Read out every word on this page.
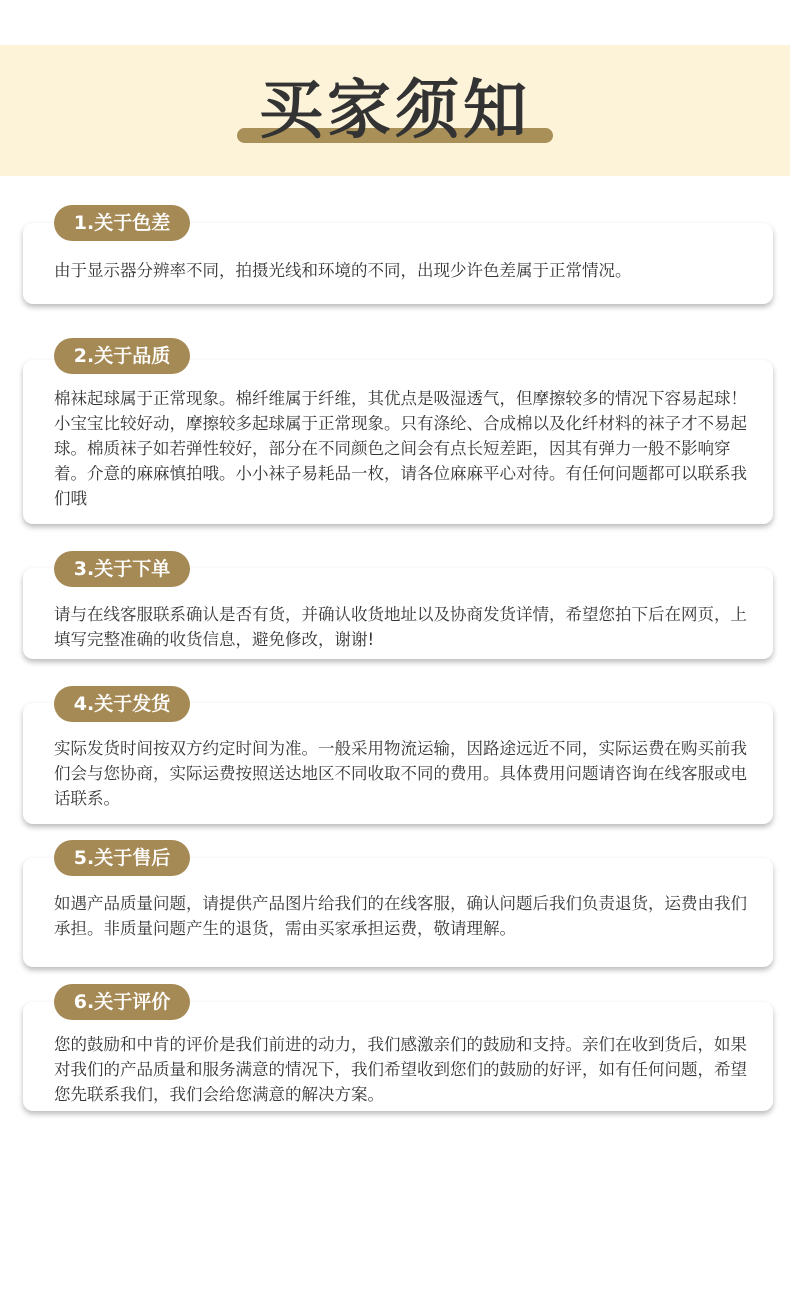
买家须知

由于显示器分辨率不同，拍摄光线和环境的不同，出现少许色差属于正常情况。

1.关于色差

棉袜起球属于正常现象。棉纤维属于纤维，其优点是吸湿透气，但摩擦较多的情况下容易起球！小宝宝比较好动，摩擦较多起球属于正常现象。只有涤纶、合成棉以及化纤材料的袜子才不易起球。棉质袜子如若弹性较好，部分在不同颜色之间会有点长短差距，因其有弹力一般不影响穿着。介意的麻麻慎拍哦。小小袜子易耗品一枚，请各位麻麻平心对待。有任何问题都可以联系我们哦

2.关于品质

请与在线客服联系确认是否有货，并确认收货地址以及协商发货详情，希望您拍下后在网页，上填写完整准确的收货信息，避免修改，谢谢!

3.关于下单

实际发货时间按双方约定时间为准。一般采用物流运输，因路途远近不同，实际运费在购买前我们会与您协商，实际运费按照送达地区不同收取不同的费用。具体费用问题请咨询在线客服或电话联系。

4.关于发货

如遇产品质量问题，请提供产品图片给我们的在线客服，确认问题后我们负责退货，运费由我们承担。非质量问题产生的退货，需由买家承担运费，敬请理解。

5.关于售后

您的鼓励和中肯的评价是我们前进的动力，我们感激亲们的鼓励和支持。亲们在收到货后，如果对我们的产品质量和服务满意的情况下，我们希望收到您们的鼓励的好评，如有任何问题，希望您先联系我们，我们会给您满意的解决方案。

6.关于评价
